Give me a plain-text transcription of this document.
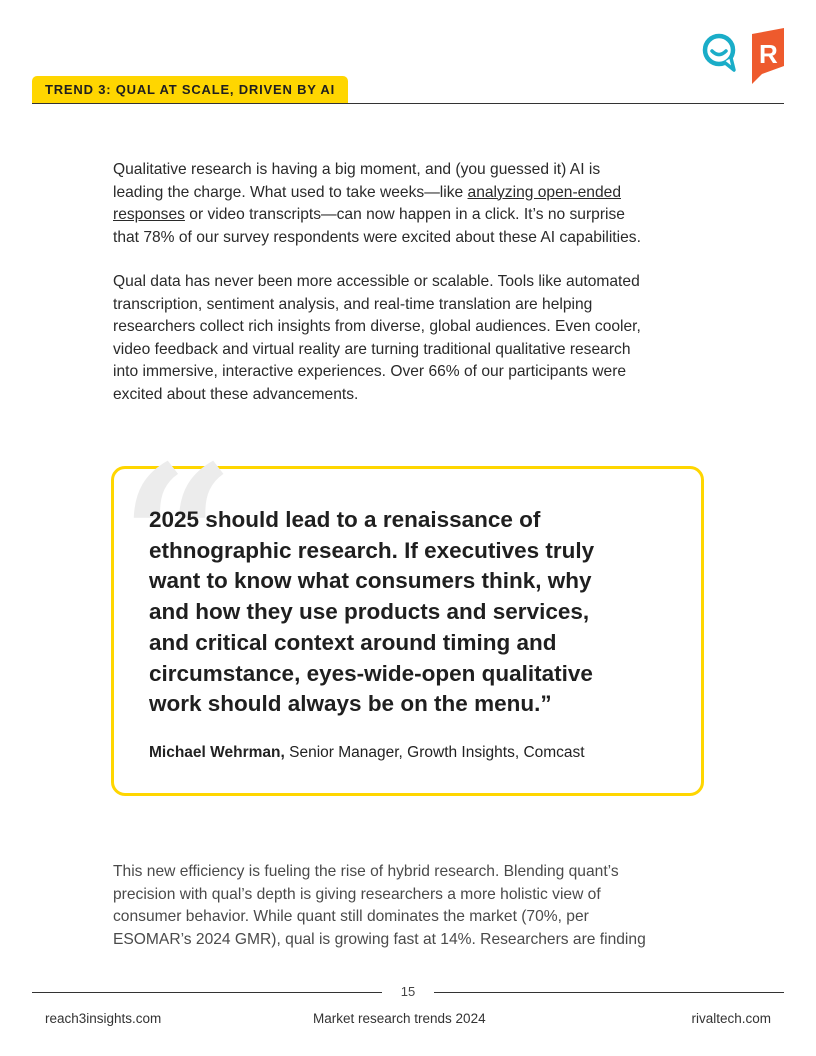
R
TREND 3: QUAL AT SCALE, DRIVEN BY AI
Qualitative research is having a big moment, and (you guessed it) AI is
leading the charge. What used to take weeks—like analyzing open-ended
responses or video transcripts—can now happen in a click. It’s no surprise
that 78% of our survey respondents were excited about these AI capabilities.
Qual data has never been more accessible or scalable. Tools like automated
transcription, sentiment analysis, and real-time translation are helping
researchers collect rich insights from diverse, global audiences. Even cooler,
video feedback and virtual reality are turning traditional qualitative research
into immersive, interactive experiences. Over 66% of our participants were
excited about these advancements.
“
2025 should lead to a renaissance of
ethnographic research. If executives truly
want to know what consumers think, why
and how they use products and services,
and critical context around timing and
circumstance, eyes-wide-open qualitative
work should always be on the menu.”
Michael Wehrman, Senior Manager, Growth Insights, Comcast
This new efficiency is fueling the rise of hybrid research. Blending quant’s
precision with qual’s depth is giving researchers a more holistic view of
consumer behavior. While quant still dominates the market (70%, per
ESOMAR’s 2024 GMR), qual is growing fast at 14%. Researchers are finding
15
reach3insights.com	Market research trends 2024	rivaltech.com
